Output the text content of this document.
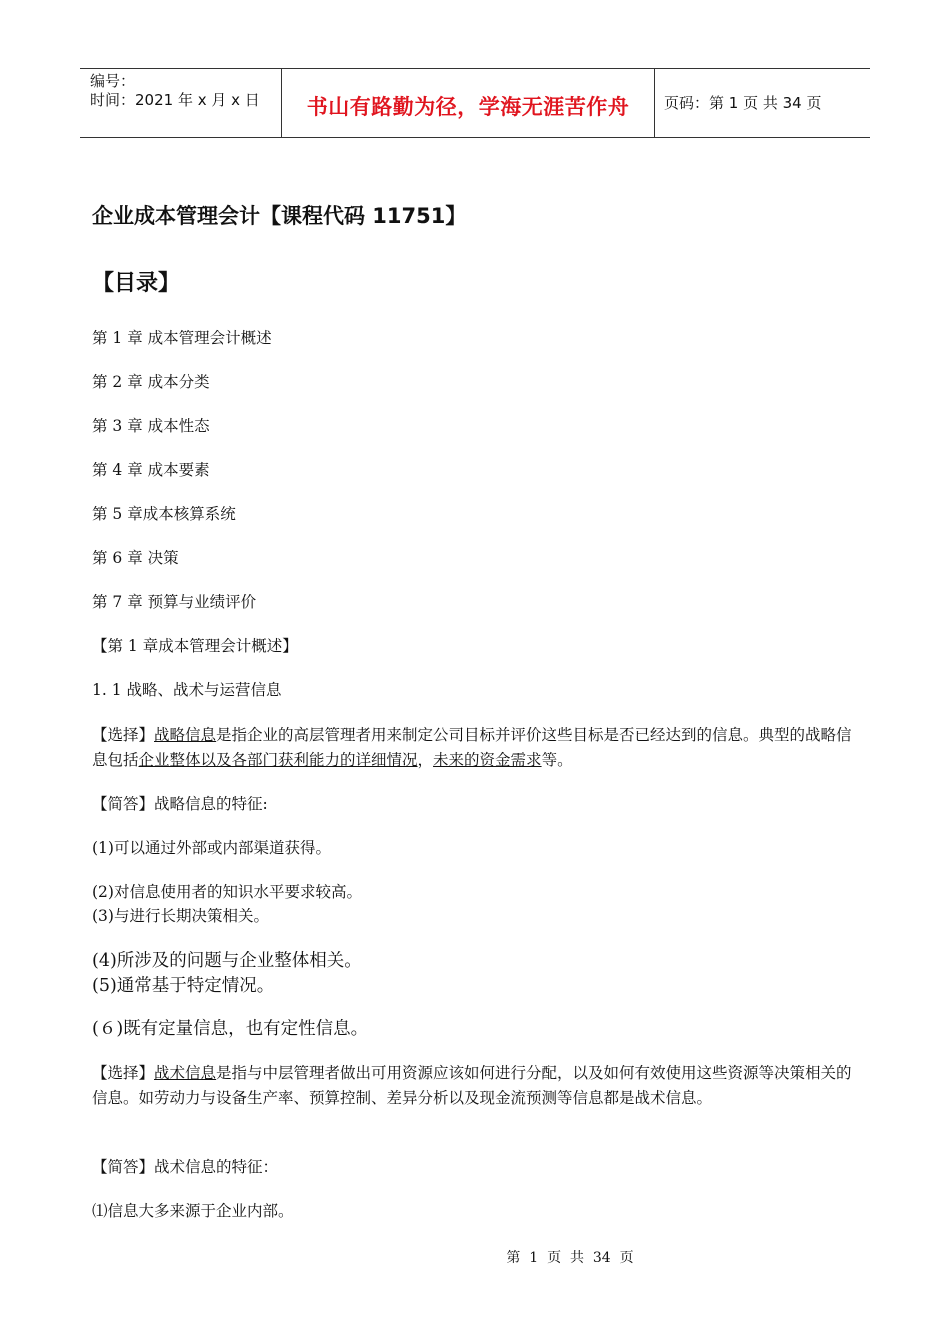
编号：
时间：2021 年 x 月 x 日	书山有路勤为径，学海无涯苦作舟	页码：第 1 页 共 34 页
企业成本管理会计【课程代码 11751】
【目录】
第 1 章 成本管理会计概述
第 2 章 成本分类
第 3 章 成本性态
第 4 章 成本要素
第 5 章成本核算系统
第 6 章 决策
第 7 章 预算与业绩评价
【第 1 章成本管理会计概述】
1. 1 战略、战术与运营信息
【选择】战略信息是指企业的高层管理者用来制定公司目标并评价这些目标是否已经达到的信息。典型的战略信息包括企业整体以及各部门获利能力的详细情况，未来的资金需求等。
【简答】战略信息的特征:
(1)可以通过外部或内部渠道获得。
(2)对信息使用者的知识水平要求较高。
(3)与进行长期决策相关。
(4)所涉及的问题与企业整体相关。
(5)通常基于特定情况。
(６)既有定量信息，也有定性信息。
【选择】战术信息是指与中层管理者做出可用资源应该如何进行分配，以及如何有效使用这些资源等决策相关的信息。如劳动力与设备生产率、预算控制、差异分析以及现金流预测等信息都是战术信息。
【简答】战术信息的特征：
⑴信息大多来源于企业内部。
第  1  页  共  34  页
